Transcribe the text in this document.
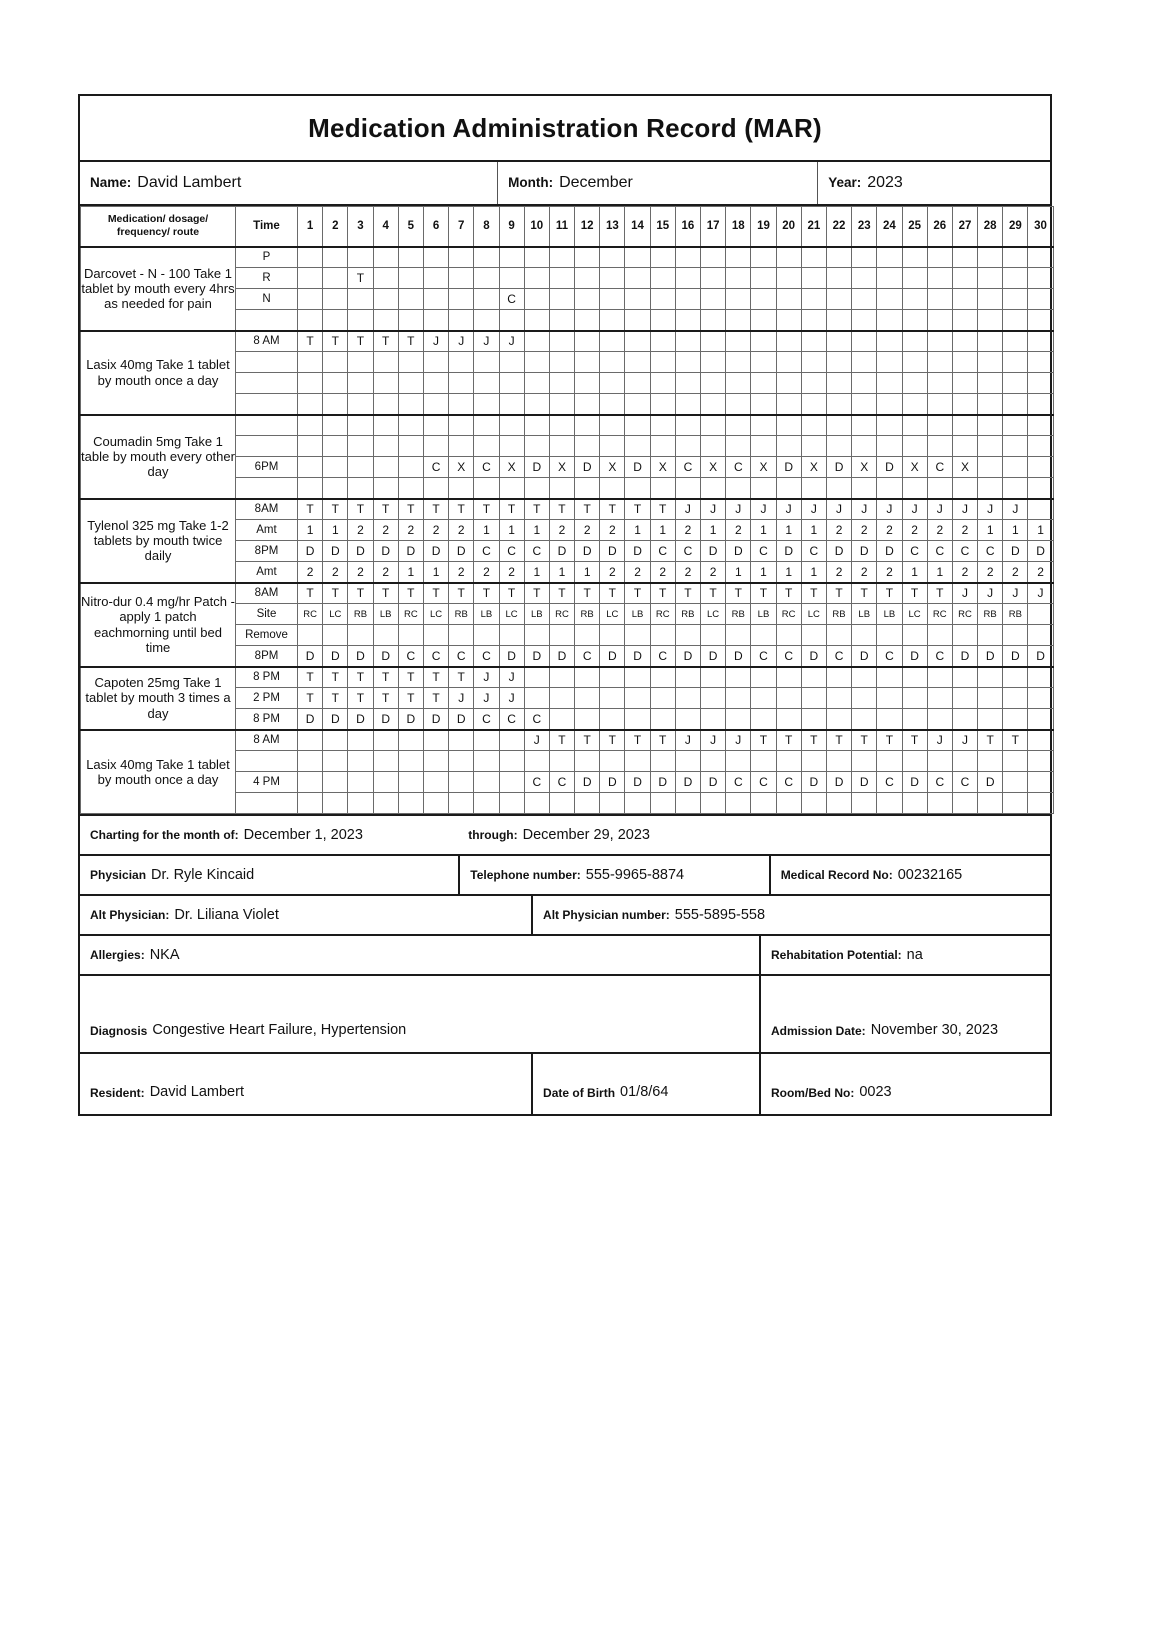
Medication Administration Record (MAR)
Name: David Lambert	Month: December	Year: 2023
Medication/ dosage/ frequency/ route	Time	1	2	3	4	5	6	7	8	9	10	11	12	13	14	15	16	17	18	19	20	21	22	23	24	25	26	27	28	29	30
Darcovet - N - 100 Take 1 tablet by mouth every 4hrs as needed for pain	P																														
	R			T																											
	N									C																					

Lasix 40mg Take 1 tablet by mouth once a day	8 AM	T	T	T	T	T	J	J	J	J																					

Coumadin 5mg Take 1 table by mouth every other day																															

	6PM						C	X	C	X	D	X	D	X	D	X	C	X	C	X	D	X	D	X	D	X	C	X			

Tylenol 325 mg Take 1-2 tablets by mouth twice daily	8AM	T	T	T	T	T	T	T	T	T	T	T	T	T	T	T	J	J	J	J	J	J	J	J	J	J	J	J	J	J	
	Amt	1	1	2	2	2	2	2	1	1	1	2	2	2	1	1	2	1	2	1	1	1	2	2	2	2	2	2	1	1	1
	8PM	D	D	D	D	D	D	D	C	C	C	D	D	D	D	C	C	D	D	C	D	C	D	D	D	C	C	C	C	D	D
	Amt	2	2	2	2	1	1	2	2	2	1	1	1	2	2	2	2	2	1	1	1	1	2	2	2	1	1	2	2	2	2
Nitro-dur 0.4 mg/hr Patch - apply 1 patch eachmorning until bed time	8AM	T	T	T	T	T	T	T	T	T	T	T	T	T	T	T	T	T	T	T	T	T	T	T	T	T	T	J	J	J	J
	Site	RC	LC	RB	LB	RC	LC	RB	LB	LC	LB	RC	RB	LC	LB	RC	RB	LC	RB	LB	RC	LC	RB	LB	LB	LC	RC	RC	RB	RB	
	Remove																														
	8PM	D	D	D	D	C	C	C	C	D	D	D	C	D	D	C	D	D	D	C	C	D	C	D	C	D	C	D	D	D	D
Capoten 25mg Take 1 tablet by mouth 3 times a day	8 PM	T	T	T	T	T	T	T	J	J																					
	2 PM	T	T	T	T	T	T	J	J	J																					
	8 PM	D	D	D	D	D	D	D	C	C	C																				
Lasix 40mg Take 1 tablet by mouth once a day	8 AM										J	T	T	T	T	T	J	J	J	T	T	T	T	T	T	T	J	J	T	T	

	4 PM										C	C	D	D	D	D	D	D	C	C	C	D	D	D	C	D	C	C	D		

Charting for the month of: December 1, 2023	through: December 29, 2023
Physician Dr. Ryle Kincaid	Telephone number: 555-9965-8874	Medical Record No: 00232165
Alt Physician: Dr. Liliana Violet	Alt Physician number: 555-5895-558
Allergies: NKA	Rehabitation Potential: na
Diagnosis Congestive Heart Failure, Hypertension	Admission Date: November 30, 2023
Resident: David Lambert	Date of Birth 01/8/64	Room/Bed No: 0023
